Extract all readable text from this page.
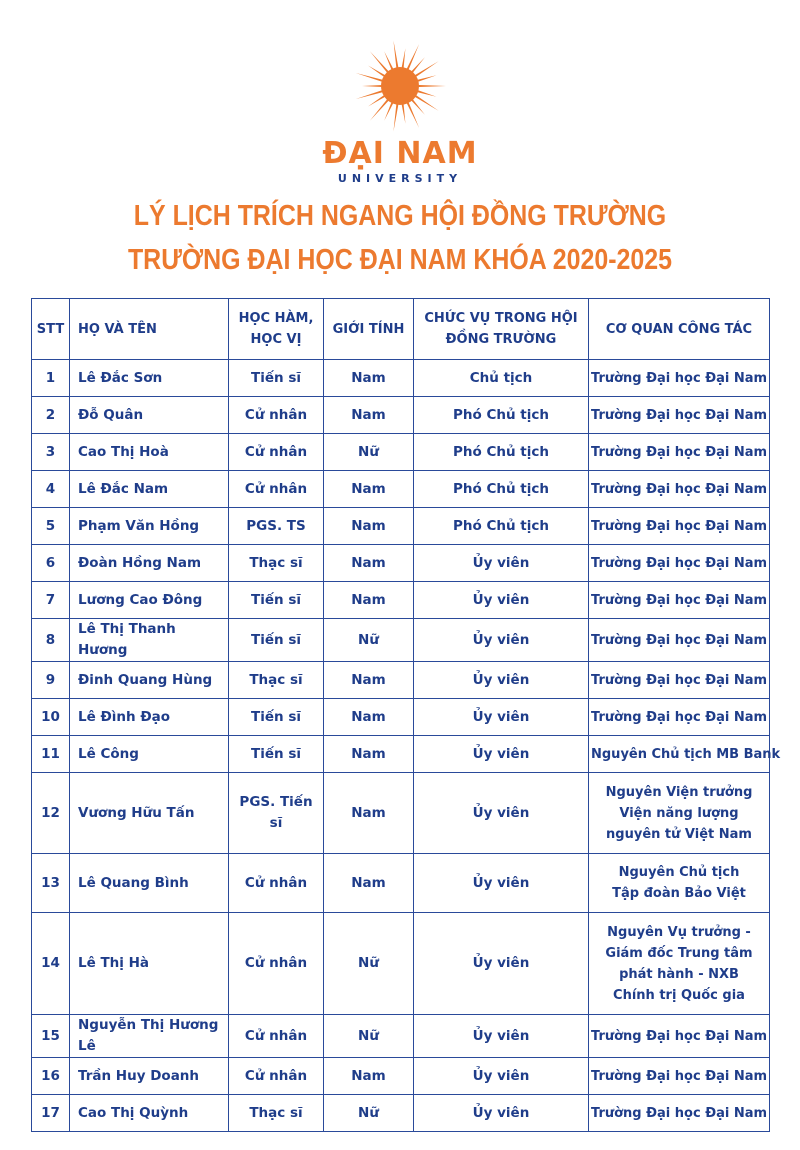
ĐẠI NAM
UNIVERSITY
LÝ LỊCH TRÍCH NGANG HỘI ĐỒNG TRƯỜNG
TRƯỜNG ĐẠI HỌC ĐẠI NAM KHÓA 2020-2025
STT	HỌ VÀ TÊN	HỌC HÀM, HỌC VỊ	GIỚI TÍNH	CHỨC VỤ TRONG HỘI ĐỒNG TRƯỜNG	CƠ QUAN CÔNG TÁC
1	Lê Đắc Sơn	Tiến sĩ	Nam	Chủ tịch	Trường Đại học Đại Nam
2	Đỗ Quân	Cử nhân	Nam	Phó Chủ tịch	Trường Đại học Đại Nam
3	Cao Thị Hoà	Cử nhân	Nữ	Phó Chủ tịch	Trường Đại học Đại Nam
4	Lê Đắc Nam	Cử nhân	Nam	Phó Chủ tịch	Trường Đại học Đại Nam
5	Phạm Văn Hồng	PGS. TS	Nam	Phó Chủ tịch	Trường Đại học Đại Nam
6	Đoàn Hồng Nam	Thạc sĩ	Nam	Ủy viên	Trường Đại học Đại Nam
7	Lương Cao Đông	Tiến sĩ	Nam	Ủy viên	Trường Đại học Đại Nam
8	Lê Thị Thanh Hương	Tiến sĩ	Nữ	Ủy viên	Trường Đại học Đại Nam
9	Đinh Quang Hùng	Thạc sĩ	Nam	Ủy viên	Trường Đại học Đại Nam
10	Lê Đình Đạo	Tiến sĩ	Nam	Ủy viên	Trường Đại học Đại Nam
11	Lê Công	Tiến sĩ	Nam	Ủy viên	Nguyên Chủ tịch MB Bank
12	Vương Hữu Tấn	PGS. Tiến sĩ	Nam	Ủy viên	Nguyên Viện trưởng
Viện năng lượng
nguyên tử Việt Nam
13	Lê Quang Bình	Cử nhân	Nam	Ủy viên	Nguyên Chủ tịch
Tập đoàn Bảo Việt
14	Lê Thị Hà	Cử nhân	Nữ	Ủy viên	Nguyên Vụ trưởng -
Giám đốc Trung tâm
phát hành - NXB
Chính trị Quốc gia
15	Nguyễn Thị Hương Lê	Cử nhân	Nữ	Ủy viên	Trường Đại học Đại Nam
16	Trần Huy Doanh	Cử nhân	Nam	Ủy viên	Trường Đại học Đại Nam
17	Cao Thị Quỳnh	Thạc sĩ	Nữ	Ủy viên	Trường Đại học Đại Nam
